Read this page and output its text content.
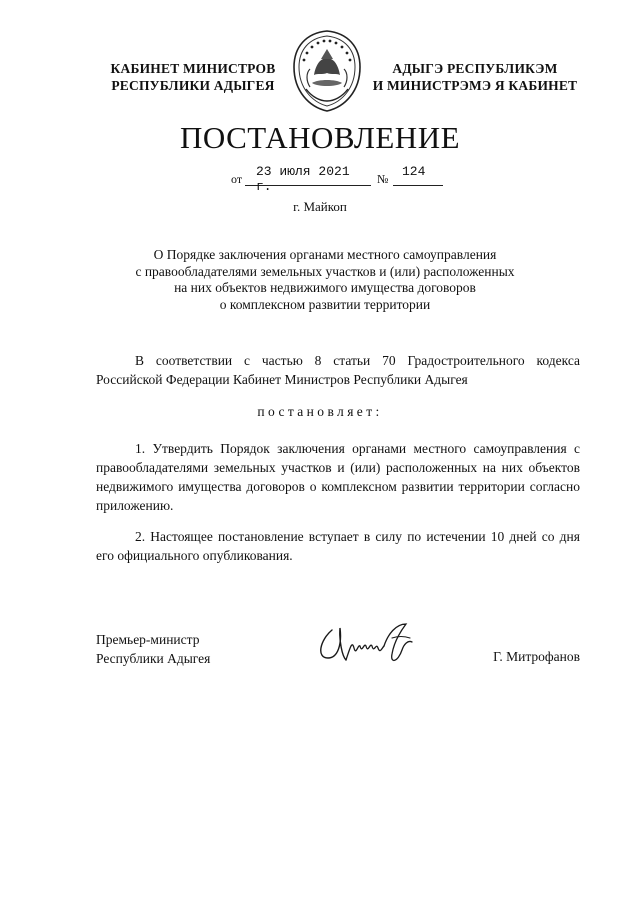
КАБИНЕТ МИНИСТРОВ
РЕСПУБЛИКИ АДЫГЕЯ
АДЫГЭ РЕСПУБЛИКЭМ
И МИНИСТРЭМЭ Я КАБИНЕТ
ПОСТАНОВЛЕНИЕ
от 23 июля 2021 г.	№ 124
г. Майкоп
О Порядке заключения органами местного самоуправления
с правообладателями земельных участков и (или) расположенных
на них объектов недвижимого имущества договоров
о комплексном развитии территории
В соответствии с частью 8 статьи 70 Градостроительного кодекса Российской Федерации Кабинет Министров Республики Адыгея
постановляет:
1. Утвердить Порядок заключения органами местного самоуправления с правообладателями земельных участков и (или) расположенных на них объектов недвижимого имущества договоров о комплексном развитии территории согласно приложению.
2. Настоящее постановление вступает в силу по истечении 10 дней со дня его официального опубликования.
Премьер-министр
Республики Адыгея	Г. Митрофанов
